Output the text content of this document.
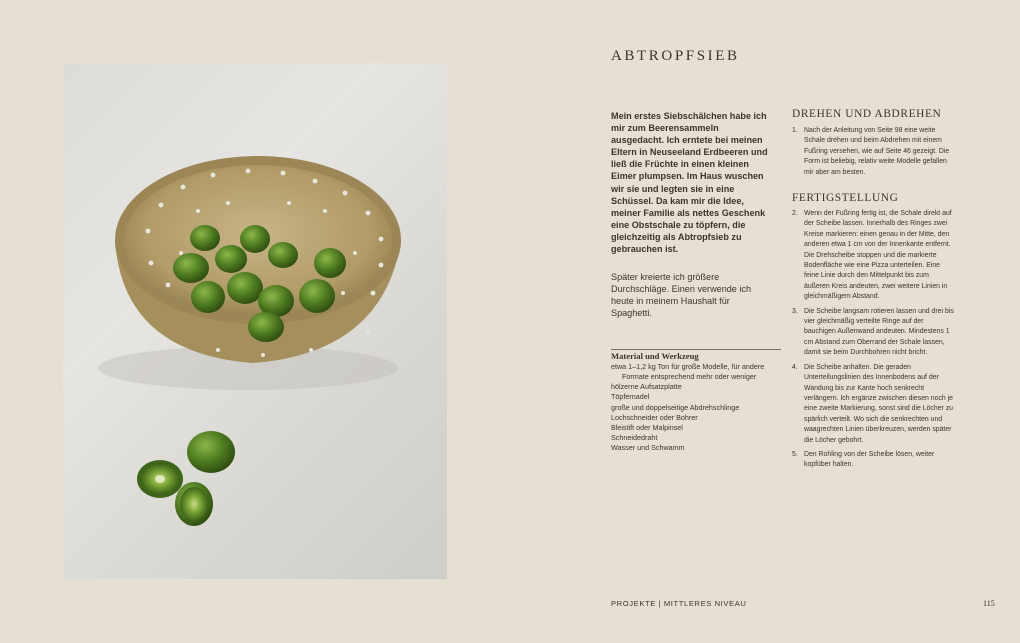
ABTROPFSIEB
Mein erstes Siebschälchen habe ich mir zum Beerensammeln ausgedacht. Ich erntete bei meinen Eltern in Neuseeland Erdbeeren und ließ die Früchte in einen kleinen Eimer plumpsen. Im Haus wuschen wir sie und legten sie in eine Schüssel. Da kam mir die Idee, meiner Familie als nettes Geschenk eine Obstschale zu töpfern, die gleichzeitig als Abtropfsieb zu gebrauchen ist.
Später kreierte ich größere Durchschläge. Einen verwende ich heute in meinem Haushalt für Spaghetti.
Material und Werkzeug
etwa 1–1,2 kg Ton für große Modelle, für andere
Formate entsprechend mehr oder weniger
hölzerne Aufsatzplatte
Töpfernadel
große und doppelseitige Abdrehschlinge
Lochschneider oder Bohrer
Bleistift oder Malpinsel
Schneidedraht
Wasser und Schwamm
DREHEN UND ABDREHEN
1. Nach der Anleitung von Seite 98 eine weite Schale drehen und beim Abdrehen mit einem Fußring versehen, wie auf Seite 46 gezeigt. Die Form ist beliebig, relativ weite Modelle gefallen mir aber am besten.
FERTIGSTELLUNG
2. Wenn der Fußring fertig ist, die Schale direkt auf der Scheibe lassen. Innerhalb des Ringes zwei Kreise markieren: einen genau in der Mitte, den anderen etwa 1 cm von der Innenkante entfernt. Die Drehscheibe stoppen und die markierte Bodenfläche wie eine Pizza unterteilen. Eine feine Linie durch den Mittelpunkt bis zum äußeren Kreis andeuten, zwei weitere Linien in gleichmäßigem Abstand.
3. Die Scheibe langsam rotieren lassen und drei bis vier gleichmäßig verteilte Ringe auf der bauchigen Außenwand andeuten. Mindestens 1 cm Abstand zum Oberrand der Schale lassen, damit sie beim Durchbohren nicht bricht.
4. Die Scheibe anhalten. Die geraden Unterteilungslinien des Innenbodens auf der Wandung bis zur Kante hoch senkrecht verlängern. Ich ergänze zwischen diesen noch je eine zweite Markierung, sonst sind die Löcher zu spärlich verteilt. Wo sich die senkrechten und waagrechten Linien überkreuzen, werden später die Löcher gebohrt.
5. Den Rohling von der Scheibe lösen, weiter kopfüber halten.
PROJEKTE | MITTLERES NIVEAU	115
